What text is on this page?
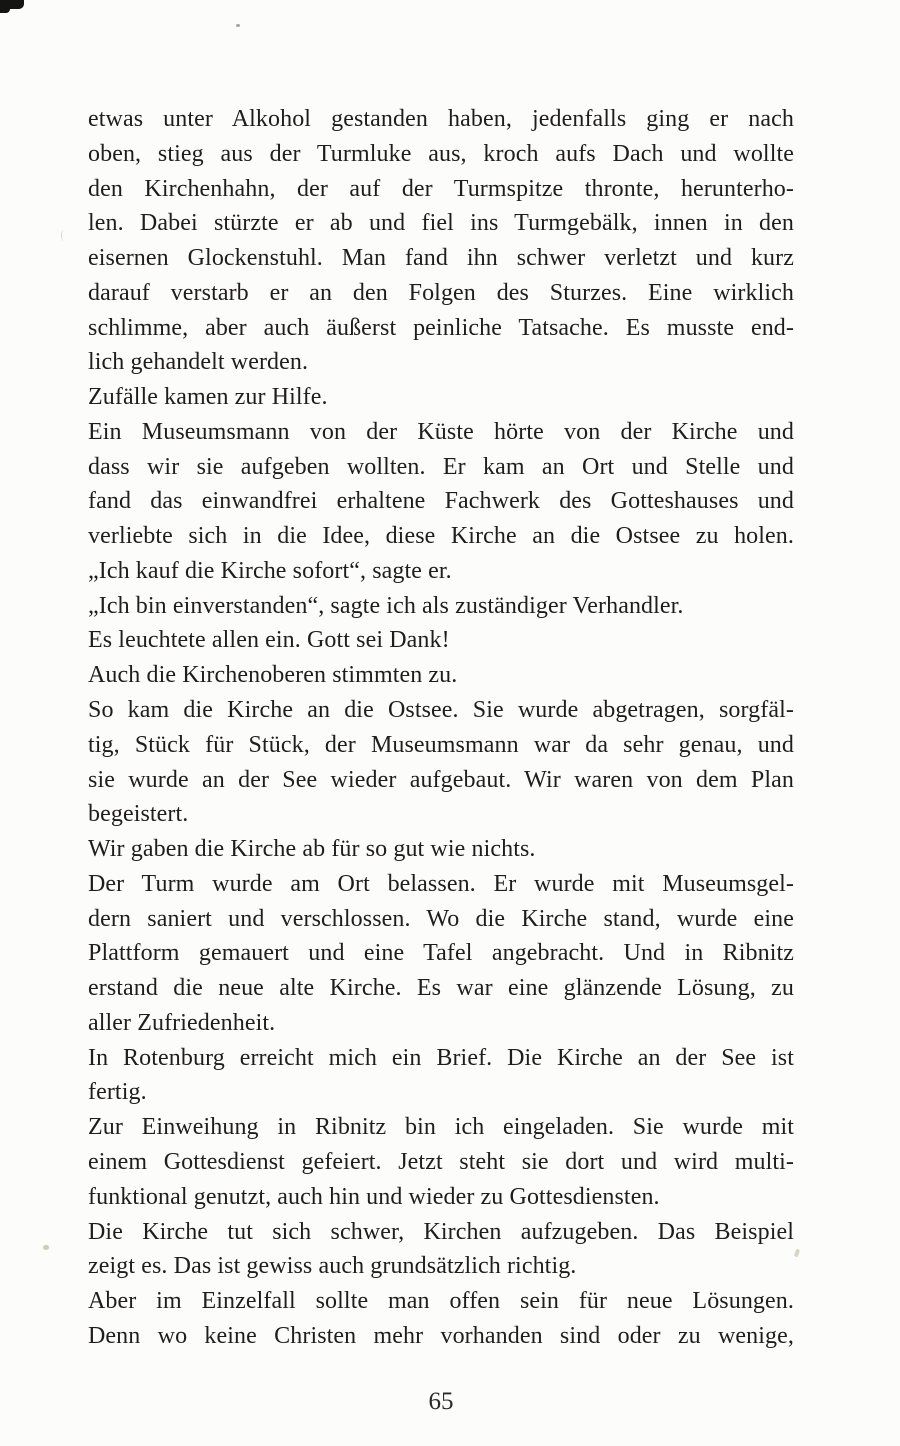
etwas unter Alkohol gestanden haben, jedenfalls ging er nach
oben, stieg aus der Turmluke aus, kroch aufs Dach und wollte
den Kirchenhahn, der auf der Turmspitze thronte, herunterho-
len. Dabei stürzte er ab und fiel ins Turmgebälk, innen in den
eisernen Glockenstuhl. Man fand ihn schwer verletzt und kurz
darauf verstarb er an den Folgen des Sturzes. Eine wirklich
schlimme, aber auch äußerst peinliche Tatsache. Es musste end-
lich gehandelt werden.
Zufälle kamen zur Hilfe.
Ein Museumsmann von der Küste hörte von der Kirche und
dass wir sie aufgeben wollten. Er kam an Ort und Stelle und
fand das einwandfrei erhaltene Fachwerk des Gotteshauses und
verliebte sich in die Idee, diese Kirche an die Ostsee zu holen.
„Ich kauf die Kirche sofort“, sagte er.
„Ich bin einverstanden“, sagte ich als zuständiger Verhandler.
Es leuchtete allen ein. Gott sei Dank!
Auch die Kirchenoberen stimmten zu.
So kam die Kirche an die Ostsee. Sie wurde abgetragen, sorgfäl-
tig, Stück für Stück, der Museumsmann war da sehr genau, und
sie wurde an der See wieder aufgebaut. Wir waren von dem Plan
begeistert.
Wir gaben die Kirche ab für so gut wie nichts.
Der Turm wurde am Ort belassen. Er wurde mit Museumsgel-
dern saniert und verschlossen. Wo die Kirche stand, wurde eine
Plattform gemauert und eine Tafel angebracht. Und in Ribnitz
erstand die neue alte Kirche. Es war eine glänzende Lösung, zu
aller Zufriedenheit.
In Rotenburg erreicht mich ein Brief. Die Kirche an der See ist
fertig.
Zur Einweihung in Ribnitz bin ich eingeladen. Sie wurde mit
einem Gottesdienst gefeiert. Jetzt steht sie dort und wird multi-
funktional genutzt, auch hin und wieder zu Gottesdiensten.
Die Kirche tut sich schwer, Kirchen aufzugeben. Das Beispiel
zeigt es. Das ist gewiss auch grundsätzlich richtig.
Aber im Einzelfall sollte man offen sein für neue Lösungen.
Denn wo keine Christen mehr vorhanden sind oder zu wenige,
65
